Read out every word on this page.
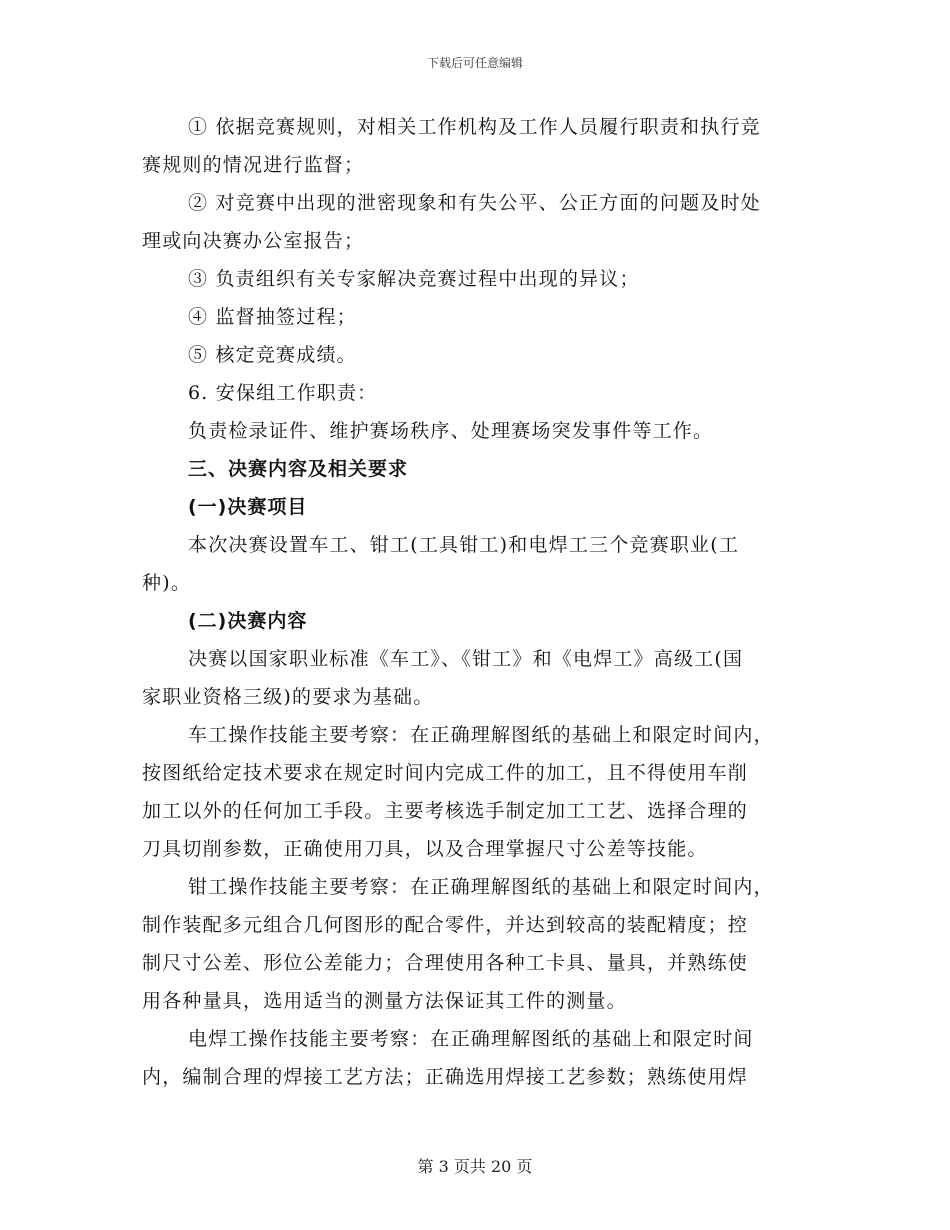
下载后可任意编辑
① 依据竞赛规则，对相关工作机构及工作人员履行职责和执行竞
赛规则的情况进行监督；
② 对竞赛中出现的泄密现象和有失公平、公正方面的问题及时处
理或向决赛办公室报告；
③ 负责组织有关专家解决竞赛过程中出现的异议；
④ 监督抽签过程；
⑤ 核定竞赛成绩。
6. 安保组工作职责：
负责检录证件、维护赛场秩序、处理赛场突发事件等工作。
三、决赛内容及相关要求
(一)决赛项目
本次决赛设置车工、钳工(工具钳工)和电焊工三个竞赛职业(工
种)。
(二)决赛内容
决赛以国家职业标准《车工》、《钳工》和《电焊工》高级工(国
家职业资格三级)的要求为基础。
车工操作技能主要考察：在正确理解图纸的基础上和限定时间内，
按图纸给定技术要求在规定时间内完成工件的加工，且不得使用车削
加工以外的任何加工手段。主要考核选手制定加工工艺、选择合理的
刀具切削参数，正确使用刀具，以及合理掌握尺寸公差等技能。
钳工操作技能主要考察：在正确理解图纸的基础上和限定时间内，
制作装配多元组合几何图形的配合零件，并达到较高的装配精度；控
制尺寸公差、形位公差能力；合理使用各种工卡具、量具，并熟练使
用各种量具，选用适当的测量方法保证其工件的测量。
电焊工操作技能主要考察：在正确理解图纸的基础上和限定时间
内，编制合理的焊接工艺方法；正确选用焊接工艺参数；熟练使用焊
第 3 页共 20 页
